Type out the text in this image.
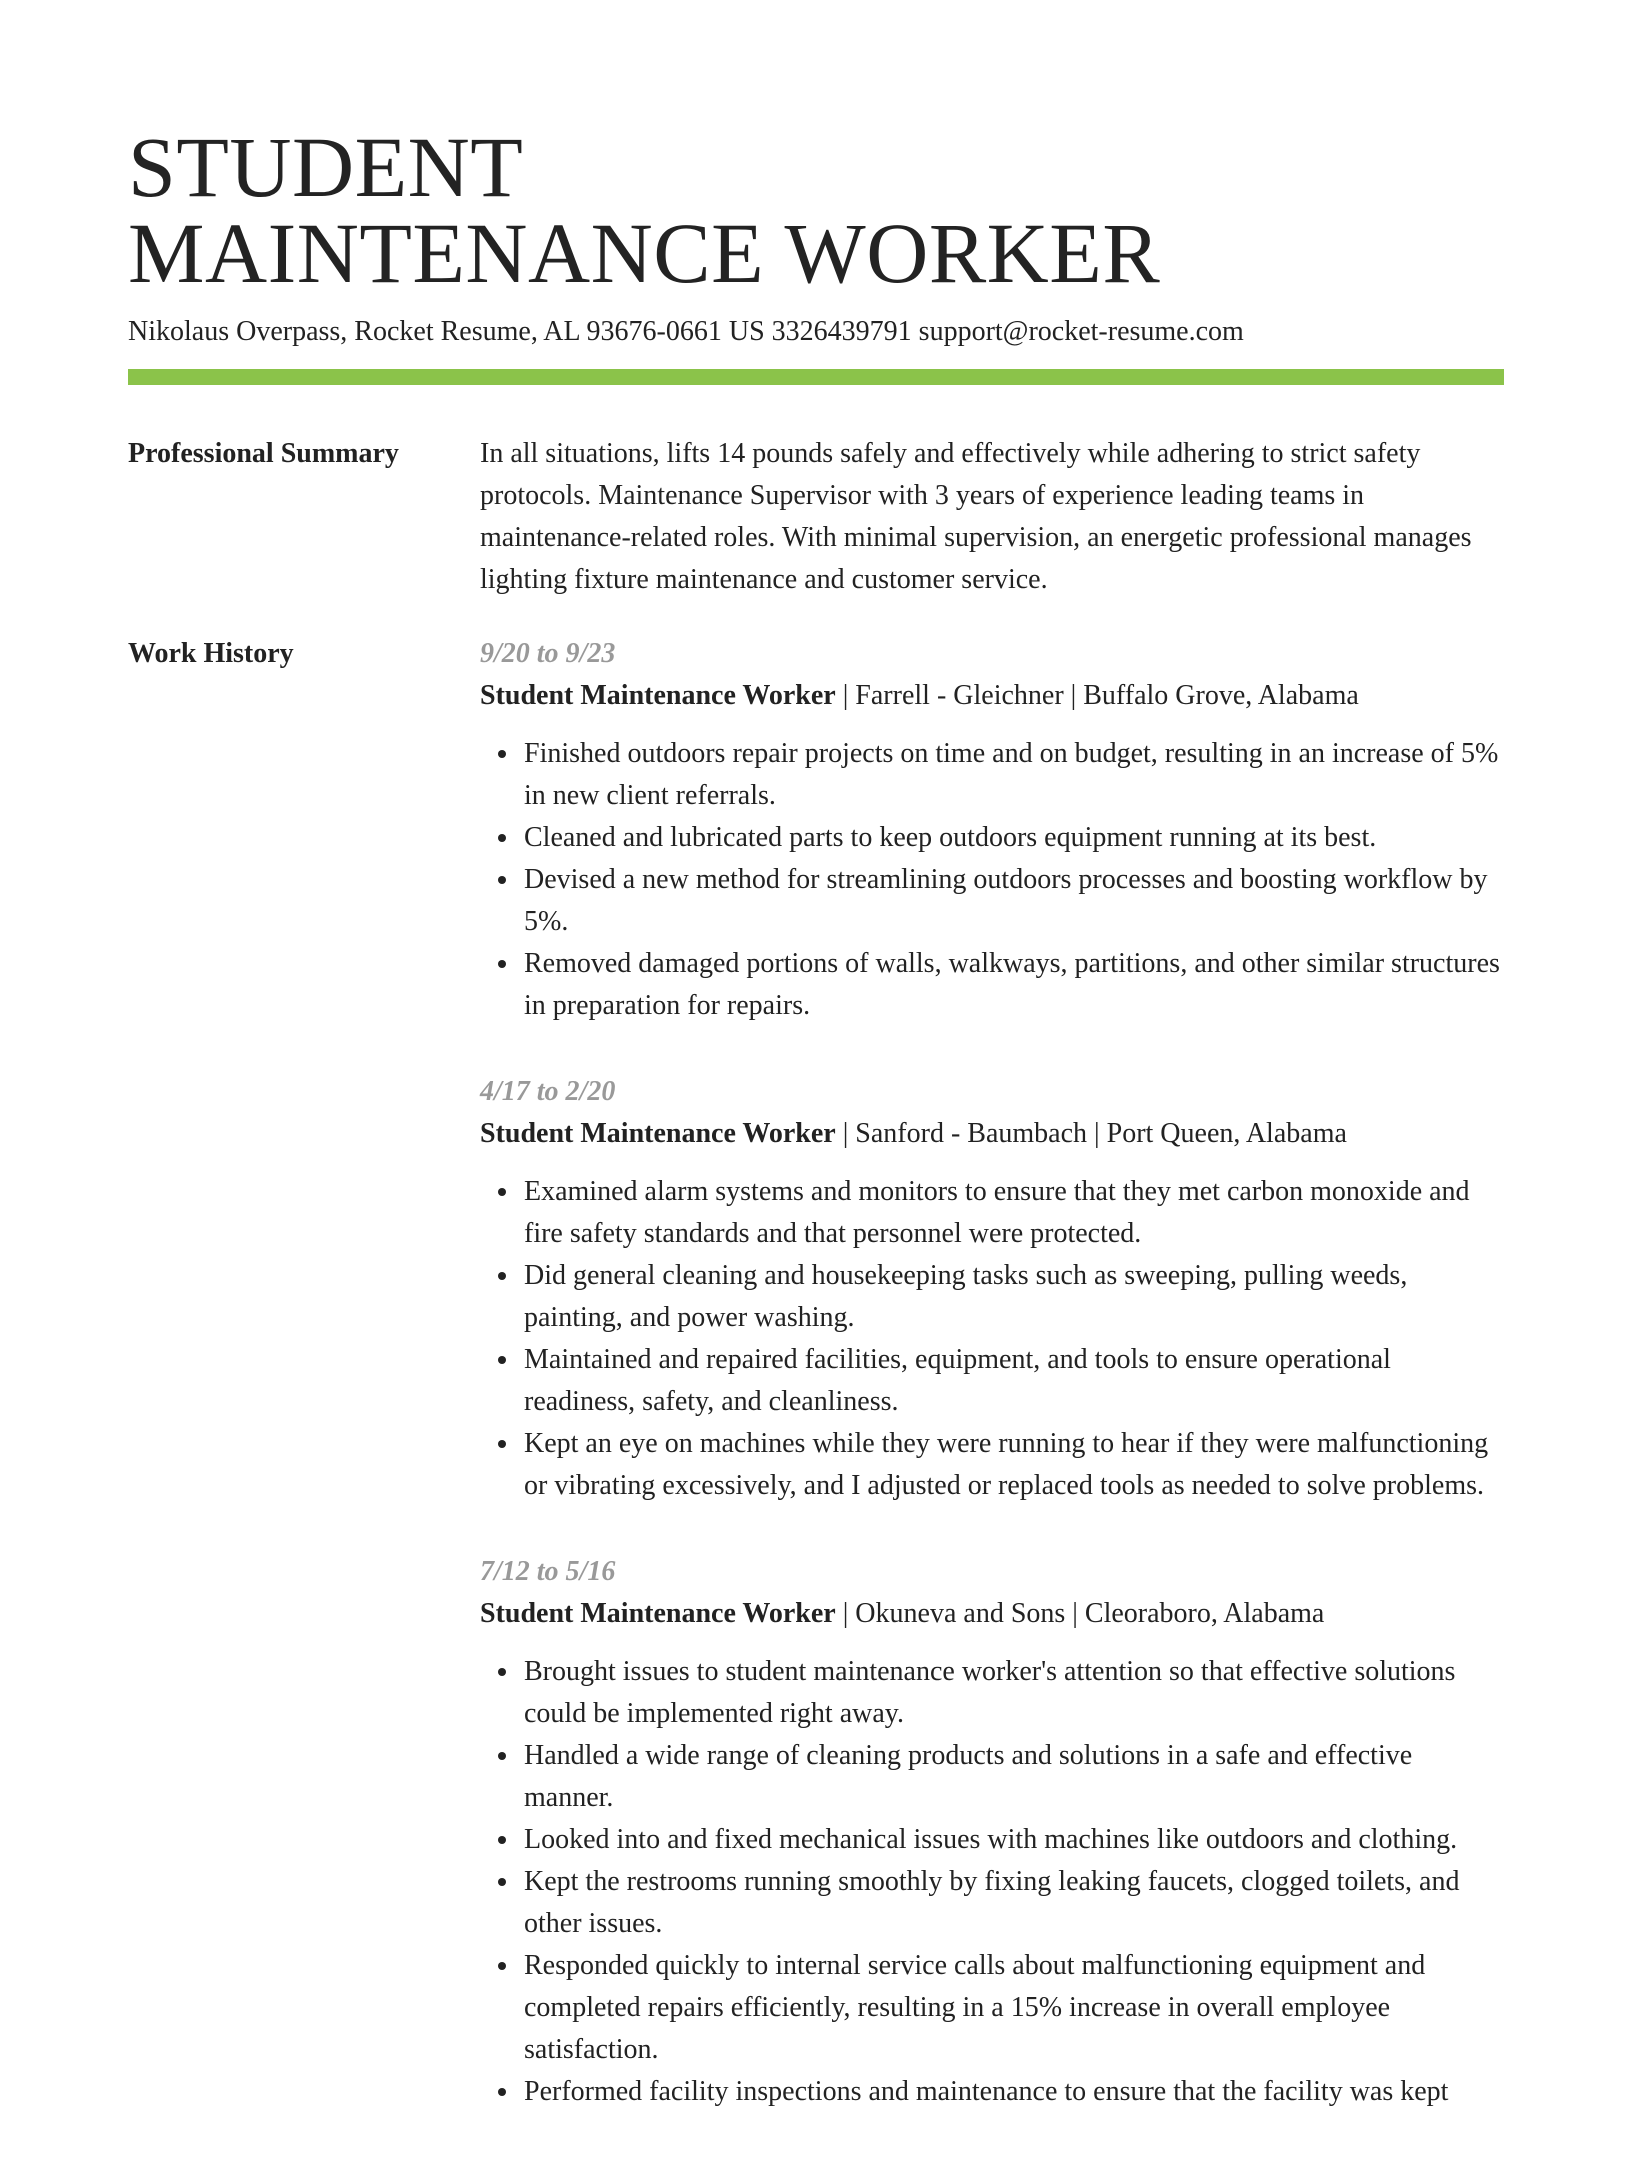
STUDENT
MAINTENANCE WORKER
Nikolaus Overpass, Rocket Resume, AL 93676-0661 US 3326439791 support@rocket-resume.com
Professional Summary	In all situations, lifts 14 pounds safely and effectively while adhering to strict safety protocols. Maintenance Supervisor with 3 years of experience leading teams in maintenance-related roles. With minimal supervision, an energetic professional manages lighting fixture maintenance and customer service.

Work History	9/20 to 9/23
Student Maintenance Worker | Farrell - Gleichner | Buffalo Grove, Alabama
Finished outdoors repair projects on time and on budget, resulting in an increase of 5% in new client referrals.
Cleaned and lubricated parts to keep outdoors equipment running at its best.
Devised a new method for streamlining outdoors processes and boosting workflow by 5%.
Removed damaged portions of walls, walkways, partitions, and other similar structures in preparation for repairs.
4/17 to 2/20
Student Maintenance Worker | Sanford - Baumbach | Port Queen, Alabama
Examined alarm systems and monitors to ensure that they met carbon monoxide and fire safety standards and that personnel were protected.
Did general cleaning and housekeeping tasks such as sweeping, pulling weeds, painting, and power washing.
Maintained and repaired facilities, equipment, and tools to ensure operational readiness, safety, and cleanliness.
Kept an eye on machines while they were running to hear if they were malfunctioning or vibrating excessively, and I adjusted or replaced tools as needed to solve problems.
7/12 to 5/16
Student Maintenance Worker | Okuneva and Sons | Cleoraboro, Alabama
Brought issues to student maintenance worker's attention so that effective solutions could be implemented right away.
Handled a wide range of cleaning products and solutions in a safe and effective manner.
Looked into and fixed mechanical issues with machines like outdoors and clothing.
Kept the restrooms running smoothly by fixing leaking faucets, clogged toilets, and other issues.
Responded quickly to internal service calls about malfunctioning equipment and completed repairs efficiently, resulting in a 15% increase in overall employee satisfaction.
Performed facility inspections and maintenance to ensure that the facility was kept
